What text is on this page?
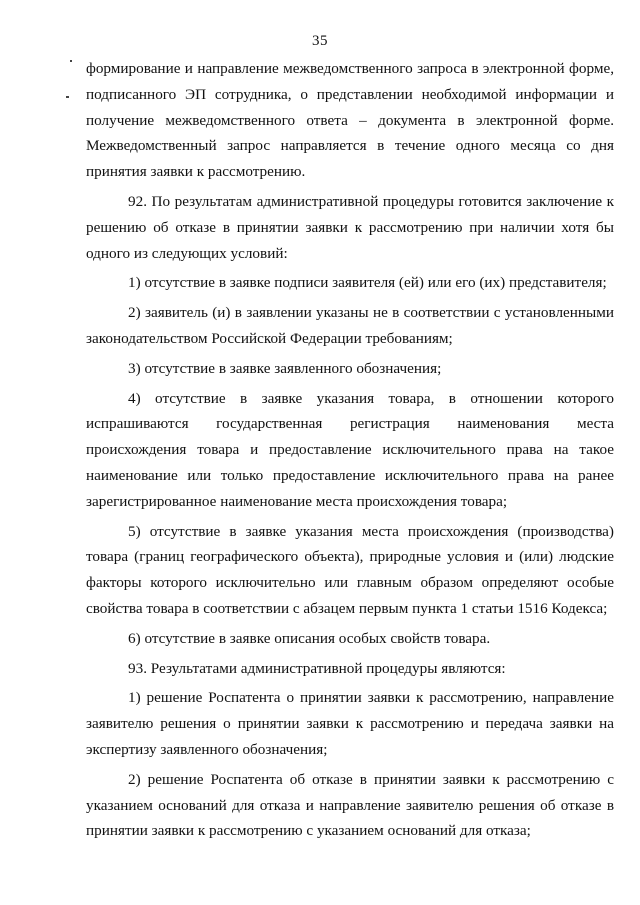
35

формирование и направление межведомственного запроса в электронной форме, подписанного ЭП сотрудника, о представлении необходимой информации и получение межведомственного ответа – документа в электронной форме. Межведомственный запрос направляется в течение одного месяца со дня принятия заявки к рассмотрению.

92. По результатам административной процедуры готовится заключение к решению об отказе в принятии заявки к рассмотрению при наличии хотя бы одного из следующих условий:

1) отсутствие в заявке подписи заявителя (ей) или его (их) представителя;

2) заявитель (и) в заявлении указаны не в соответствии с установленными законодательством Российской Федерации требованиям;

3) отсутствие в заявке заявленного обозначения;

4) отсутствие в заявке указания товара, в отношении которого испрашиваются государственная регистрация наименования места происхождения товара и предоставление исключительного права на такое наименование или только предоставление исключительного права на ранее зарегистрированное наименование места происхождения товара;

5) отсутствие в заявке указания места происхождения (производства) товара (границ географического объекта), природные условия и (или) людские факторы которого исключительно или главным образом определяют особые свойства товара в соответствии с абзацем первым пункта 1 статьи 1516 Кодекса;

6) отсутствие в заявке описания особых свойств товара.

93. Результатами административной процедуры являются:

1) решение Роспатента о принятии заявки к рассмотрению, направление заявителю решения о принятии заявки к рассмотрению и передача заявки на экспертизу заявленного обозначения;

2) решение Роспатента об отказе в принятии заявки к рассмотрению с указанием оснований для отказа и направление заявителю решения об отказе в принятии заявки к рассмотрению с указанием оснований для отказа;
